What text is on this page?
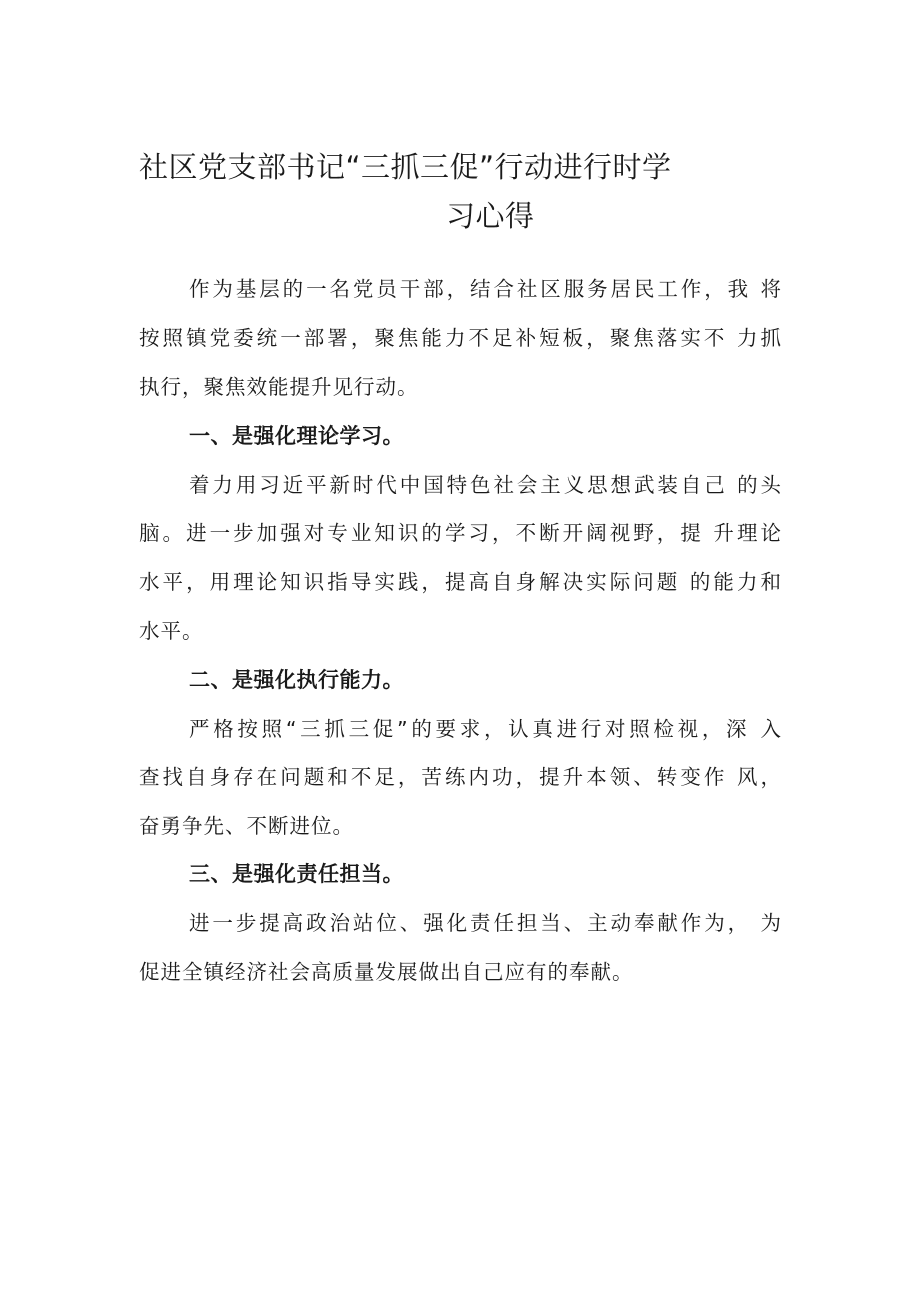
社区党支部书记“三抓三促”行动进行时学
习心得
作为基层的一名党员干部，结合社区服务居民工作，我 将
按照镇党委统一部署，聚焦能力不足补短板，聚焦落实不 力抓
执行，聚焦效能提升见行动。
一、是强化理论学习。
着力用习近平新时代中国特色社会主义思想武装自己 的头
脑。进一步加强对专业知识的学习，不断开阔视野，提 升理论
水平，用理论知识指导实践，提高自身解决实际问题 的能力和
水平。
二、是强化执行能力。
严格按照“三抓三促”的要求，认真进行对照检视，深 入
查找自身存在问题和不足，苦练内功，提升本领、转变作 风，
奋勇争先、不断进位。
三、是强化责任担当。
进一步提高政治站位、强化责任担当、主动奉献作为， 为
促进全镇经济社会高质量发展做出自己应有的奉献。
